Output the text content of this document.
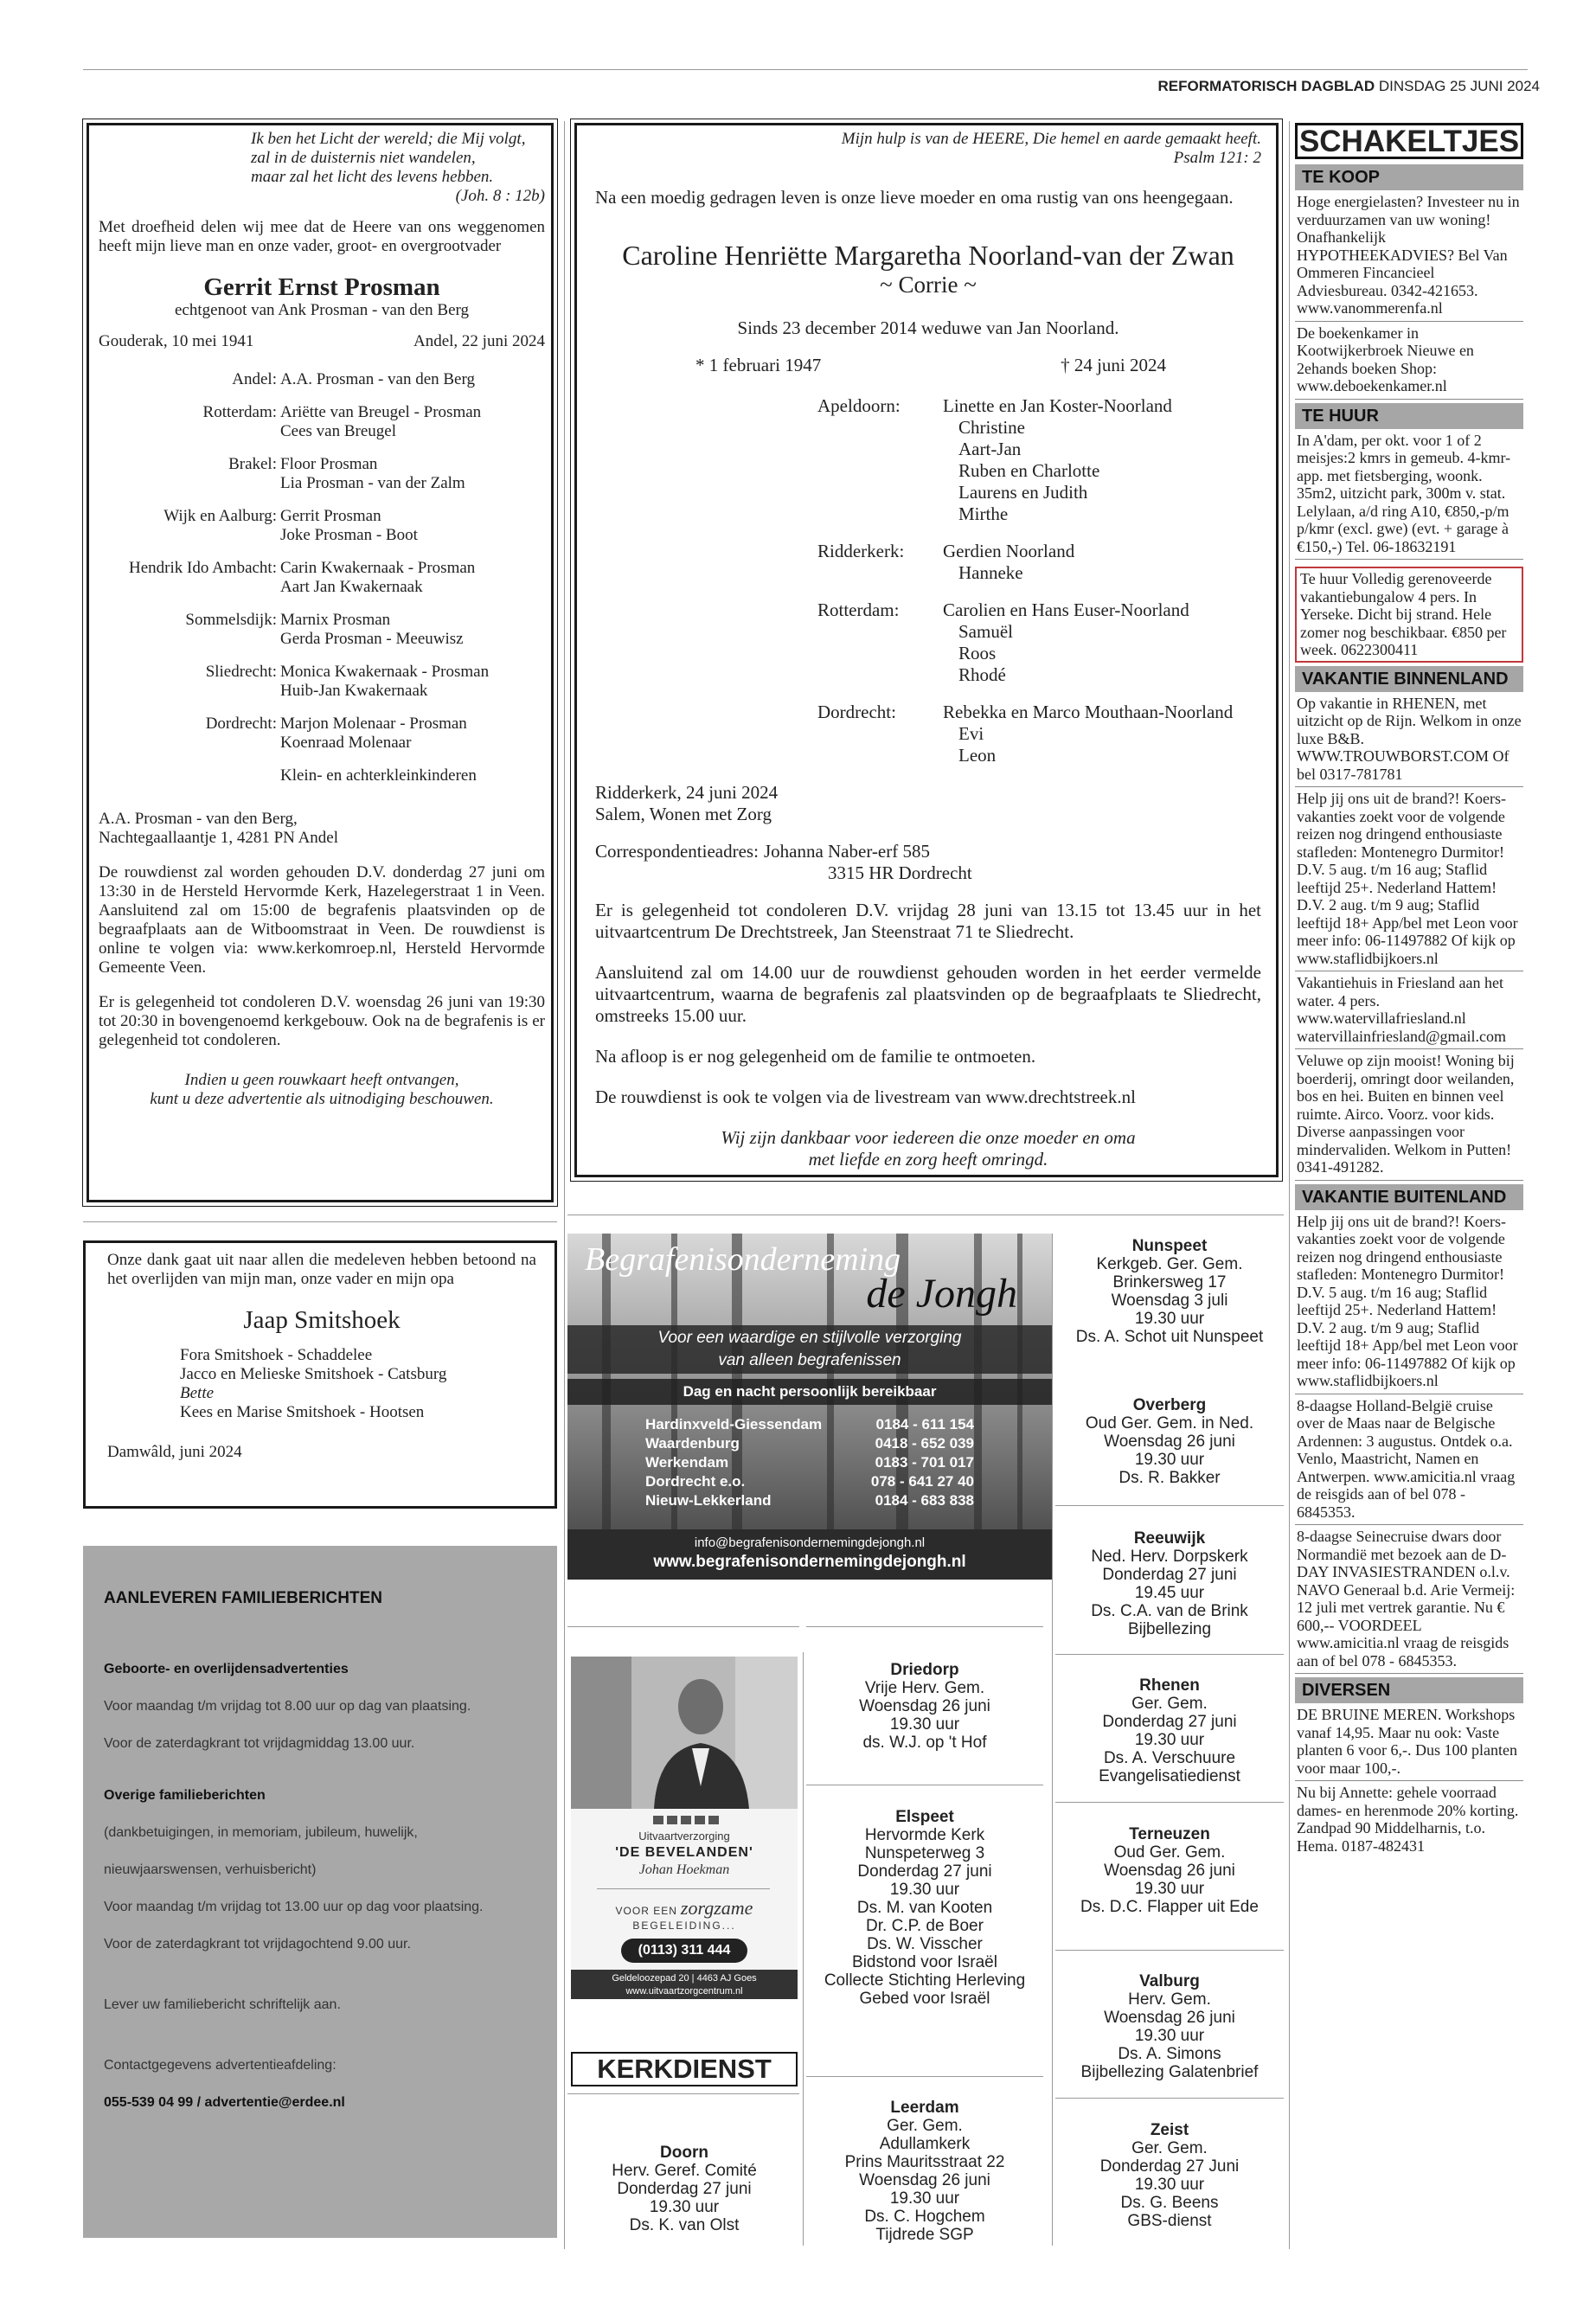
REFORMATORISCH DAGBLAD DINSDAG 25 JUNI 2024
Ik ben het Licht der wereld; die Mij volgt,
zal in de duisternis niet wandelen,
maar zal het licht des levens hebben.
(Joh. 8 : 12b)
Met droefheid delen wij mee dat de Heere van ons weggenomen heeft mijn lieve man en onze vader, groot- en overgrootvader
Gerrit Ernst Prosman
echtgenoot van Ank Prosman - van den Berg
Gouderak, 10 mei 1941	Andel, 22 juni 2024
Andel: A.A. Prosman - van den Berg
Rotterdam: Ariëtte van Breugel - Prosman
Cees van Breugel
Brakel: Floor Prosman
Lia Prosman - van der Zalm
Wijk en Aalburg: Gerrit Prosman
Joke Prosman - Boot
Hendrik Ido Ambacht: Carin Kwakernaak - Prosman
Aart Jan Kwakernaak
Sommelsdijk: Marnix Prosman
Gerda Prosman - Meeuwisz
Sliedrecht: Monica Kwakernaak - Prosman
Huib-Jan Kwakernaak
Dordrecht: Marjon Molenaar - Prosman
Koenraad Molenaar
Klein- en achterkleinkinderen
A.A. Prosman - van den Berg,
Nachtegaallaantje 1, 4281 PN Andel
De rouwdienst zal worden gehouden D.V. donderdag 27 juni om 13:30 in de Hersteld Hervormde Kerk, Hazelegerstraat 1 in Veen. Aansluitend zal om 15:00 de begrafenis plaatsvinden op de begraafplaats aan de Witboomstraat in Veen. De rouwdienst is online te volgen via: www.kerkomroep.nl, Hersteld Hervormde Gemeente Veen.
Er is gelegenheid tot condoleren D.V. woensdag 26 juni van 19:30 tot 20:30 in bovengenoemd kerkgebouw. Ook na de begrafenis is er gelegenheid tot condoleren.
Indien u geen rouwkaart heeft ontvangen,
kunt u deze advertentie als uitnodiging beschouwen.
Mijn hulp is van de HEERE, Die hemel en aarde gemaakt heeft.
Psalm 121: 2
Na een moedig gedragen leven is onze lieve moeder en oma rustig van ons heengegaan.
Caroline Henriëtte Margaretha Noorland-van der Zwan
~ Corrie ~
Sinds 23 december 2014 weduwe van Jan Noorland.
* 1 februari 1947	† 24 juni 2024
Apeldoorn:	Linette en Jan Koster-Noorland
Christine
Aart-Jan
Ruben en Charlotte
Laurens en Judith
Mirthe
Ridderkerk:	Gerdien Noorland
Hanneke
Rotterdam:	Carolien en Hans Euser-Noorland
Samuël
Roos
Rhodé
Dordrecht:	Rebekka en Marco Mouthaan-Noorland
Evi
Leon
Ridderkerk, 24 juni 2024
Salem, Wonen met Zorg
Correspondentieadres: Johanna Naber-erf 585
3315 HR Dordrecht
Er is gelegenheid tot condoleren D.V. vrijdag 28 juni van 13.15 tot 13.45 uur in het uitvaartcentrum De Drechtstreek, Jan Steenstraat 71 te Sliedrecht.
Aansluitend zal om 14.00 uur de rouwdienst gehouden worden in het eerder vermelde uitvaartcentrum, waarna de begrafenis zal plaatsvinden op de begraafplaats te Sliedrecht, omstreeks 15.00 uur.
Na afloop is er nog gelegenheid om de familie te ontmoeten.
De rouwdienst is ook te volgen via de livestream van www.drechtstreek.nl
Wij zijn dankbaar voor iedereen die onze moeder en oma
met liefde en zorg heeft omringd.
Onze dank gaat uit naar allen die medeleven hebben betoond na het overlijden van mijn man, onze vader en mijn opa
Jaap Smitshoek
Fora Smitshoek - Schaddelee
Jacco en Melieske Smitshoek - Catsburg
Bette
Kees en Marise Smitshoek - Hootsen
Damwâld, juni 2024
AANLEVEREN FAMILIEBERICHTEN

Geboorte- en overlijdensadvertenties

Voor maandag t/m vrijdag tot 8.00 uur op dag van plaatsing.

Voor de zaterdagkrant tot vrijdagmiddag 13.00 uur.

Overige familieberichten

(dankbetuigingen, in memoriam, jubileum, huwelijk,

nieuwjaarswensen, verhuisbericht)

Voor maandag t/m vrijdag tot 13.00 uur op dag voor plaatsing.

Voor de zaterdagkrant tot vrijdagochtend 9.00 uur.

Lever uw familiebericht schriftelijk aan.

Contactgegevens advertentieafdeling:

055-539 04 99 / advertentie@erdee.nl

Begrafenisonderneming
de Jongh
Voor een waardige en stijlvolle verzorging
van alleen begrafenissen
Dag en nacht persoonlijk bereikbaar
Hardinxveld-Giessendam	0184 - 611 154
Waardenburg	0418 - 652 039
Werkendam	0183 - 701 017
Dordrecht e.o.	078 - 641 27 40
Nieuw-Lekkerland	0184 - 683 838
info@begrafenisondernemingdejongh.nl
www.begrafenisondernemingdejongh.nl
Uitvaartverzorging
'DE BEVELANDEN'
Johan Hoekman
VOOR EEN zorgzame
BEGELEIDING...
(0113) 311 444
Geldeloozepad 20 | 4463 AJ Goes
www.uitvaartzorgcentrum.nl
KERKDIENST
Nunspeet
Kerkgeb. Ger. Gem.
Brinkersweg 17
Woensdag 3 juli
19.30 uur
Ds. A. Schot uit Nunspeet
Overberg
Oud Ger. Gem. in Ned.
Woensdag 26 juni
19.30 uur
Ds. R. Bakker
Reeuwijk
Ned. Herv. Dorpskerk
Donderdag 27 juni
19.45 uur
Ds. C.A. van de Brink
Bijbellezing
Rhenen
Ger. Gem.
Donderdag 27 juni
19.30 uur
Ds. A. Verschuure
Evangelisatiedienst
Terneuzen
Oud Ger. Gem.
Woensdag 26 juni
19.30 uur
Ds. D.C. Flapper uit Ede
Valburg
Herv. Gem.
Woensdag 26 juni
19.30 uur
Ds. A. Simons
Bijbellezing Galatenbrief
Zeist
Ger. Gem.
Donderdag 27 Juni
19.30 uur
Ds. G. Beens
GBS-dienst
Driedorp
Vrije Herv. Gem.
Woensdag 26 juni
19.30 uur
ds. W.J. op 't Hof
Elspeet
Hervormde Kerk
Nunspeterweg 3
Donderdag 27 juni
19.30 uur
Ds. M. van Kooten
Dr. C.P. de Boer
Ds. W. Visscher
Bidstond voor Israël
Collecte Stichting Herleving
Gebed voor Israël
Leerdam
Ger. Gem.
Adullamkerk
Prins Mauritsstraat 22
Woensdag 26 juni
19.30 uur
Ds. C. Hogchem
Tijdrede SGP
Doorn
Herv. Geref. Comité
Donderdag 27 juni
19.30 uur
Ds. K. van Olst
SCHAKELTJES
TE KOOP
Hoge energielasten? Investeer nu in verduurzamen van uw woning! Onafhankelijk HYPOTHEEKADVIES? Bel Van Ommeren Fincancieel Adviesbureau. 0342-421653. www.vanommerenfa.nl
De boekenkamer in Kootwijkerbroek Nieuwe en 2ehands boeken Shop: www.deboekenkamer.nl
TE HUUR
In A'dam, per okt. voor 1 of 2 meisjes:2 kmrs in gemeub. 4-kmr-app. met fietsberging, woonk. 35m2, uitzicht park, 300m v. stat. Lelylaan, a/d ring A10, €850,-p/m p/kmr (excl. gwe) (evt. + garage à €150,-) Tel. 06-18632191
Te huur Volledig gerenoveerde vakantiebungalow 4 pers. In Yerseke. Dicht bij strand. Hele zomer nog beschikbaar. €850 per week. 0622300411
VAKANTIE BINNENLAND
Op vakantie in RHENEN, met uitzicht op de Rijn. Welkom in onze luxe B&B. WWW.TROUWBORST.COM Of bel 0317-781781
Help jij ons uit de brand?! Koers-vakanties zoekt voor de volgende reizen nog dringend enthousiaste stafleden: Montenegro Durmitor! D.V. 5 aug. t/m 16 aug; Staflid leeftijd 25+. Nederland Hattem! D.V. 2 aug. t/m 9 aug; Staflid leeftijd 18+ App/bel met Leon voor meer info: 06-11497882 Of kijk op www.staflidbijkoers.nl
Vakantiehuis in Friesland aan het water. 4 pers. www.watervillafriesland.nl watervillainfriesland@gmail.com
Veluwe op zijn mooist! Woning bij boerderij, omringt door weilanden, bos en hei. Buiten en binnen veel ruimte. Airco. Voorz. voor kids. Diverse aanpassingen voor mindervaliden. Welkom in Putten! 0341-491282.
VAKANTIE BUITENLAND
Help jij ons uit de brand?! Koers-vakanties zoekt voor de volgende reizen nog dringend enthousiaste stafleden: Montenegro Durmitor! D.V. 5 aug. t/m 16 aug; Staflid leeftijd 25+. Nederland Hattem! D.V. 2 aug. t/m 9 aug; Staflid leeftijd 18+ App/bel met Leon voor meer info: 06-11497882 Of kijk op www.staflidbijkoers.nl
8-daagse Holland-België cruise over de Maas naar de Belgische Ardennen: 3 augustus. Ontdek o.a. Venlo, Maastricht, Namen en Antwerpen. www.amicitia.nl vraag de reisgids aan of bel 078 - 6845353.
8-daagse Seinecruise dwars door Normandië met bezoek aan de D-DAY INVASIESTRANDEN o.l.v. NAVO Generaal b.d. Arie Vermeij: 12 juli met vertrek garantie. Nu € 600,-- VOORDEEL www.amicitia.nl vraag de reisgids aan of bel 078 - 6845353.
DIVERSEN
DE BRUINE MEREN. Workshops vanaf 14,95. Maar nu ook: Vaste planten 6 voor 6,-. Dus 100 planten voor maar 100,-.
Nu bij Annette: gehele voorraad dames- en herenmode 20% korting. Zandpad 90 Middelharnis, t.o. Hema. 0187-482431
